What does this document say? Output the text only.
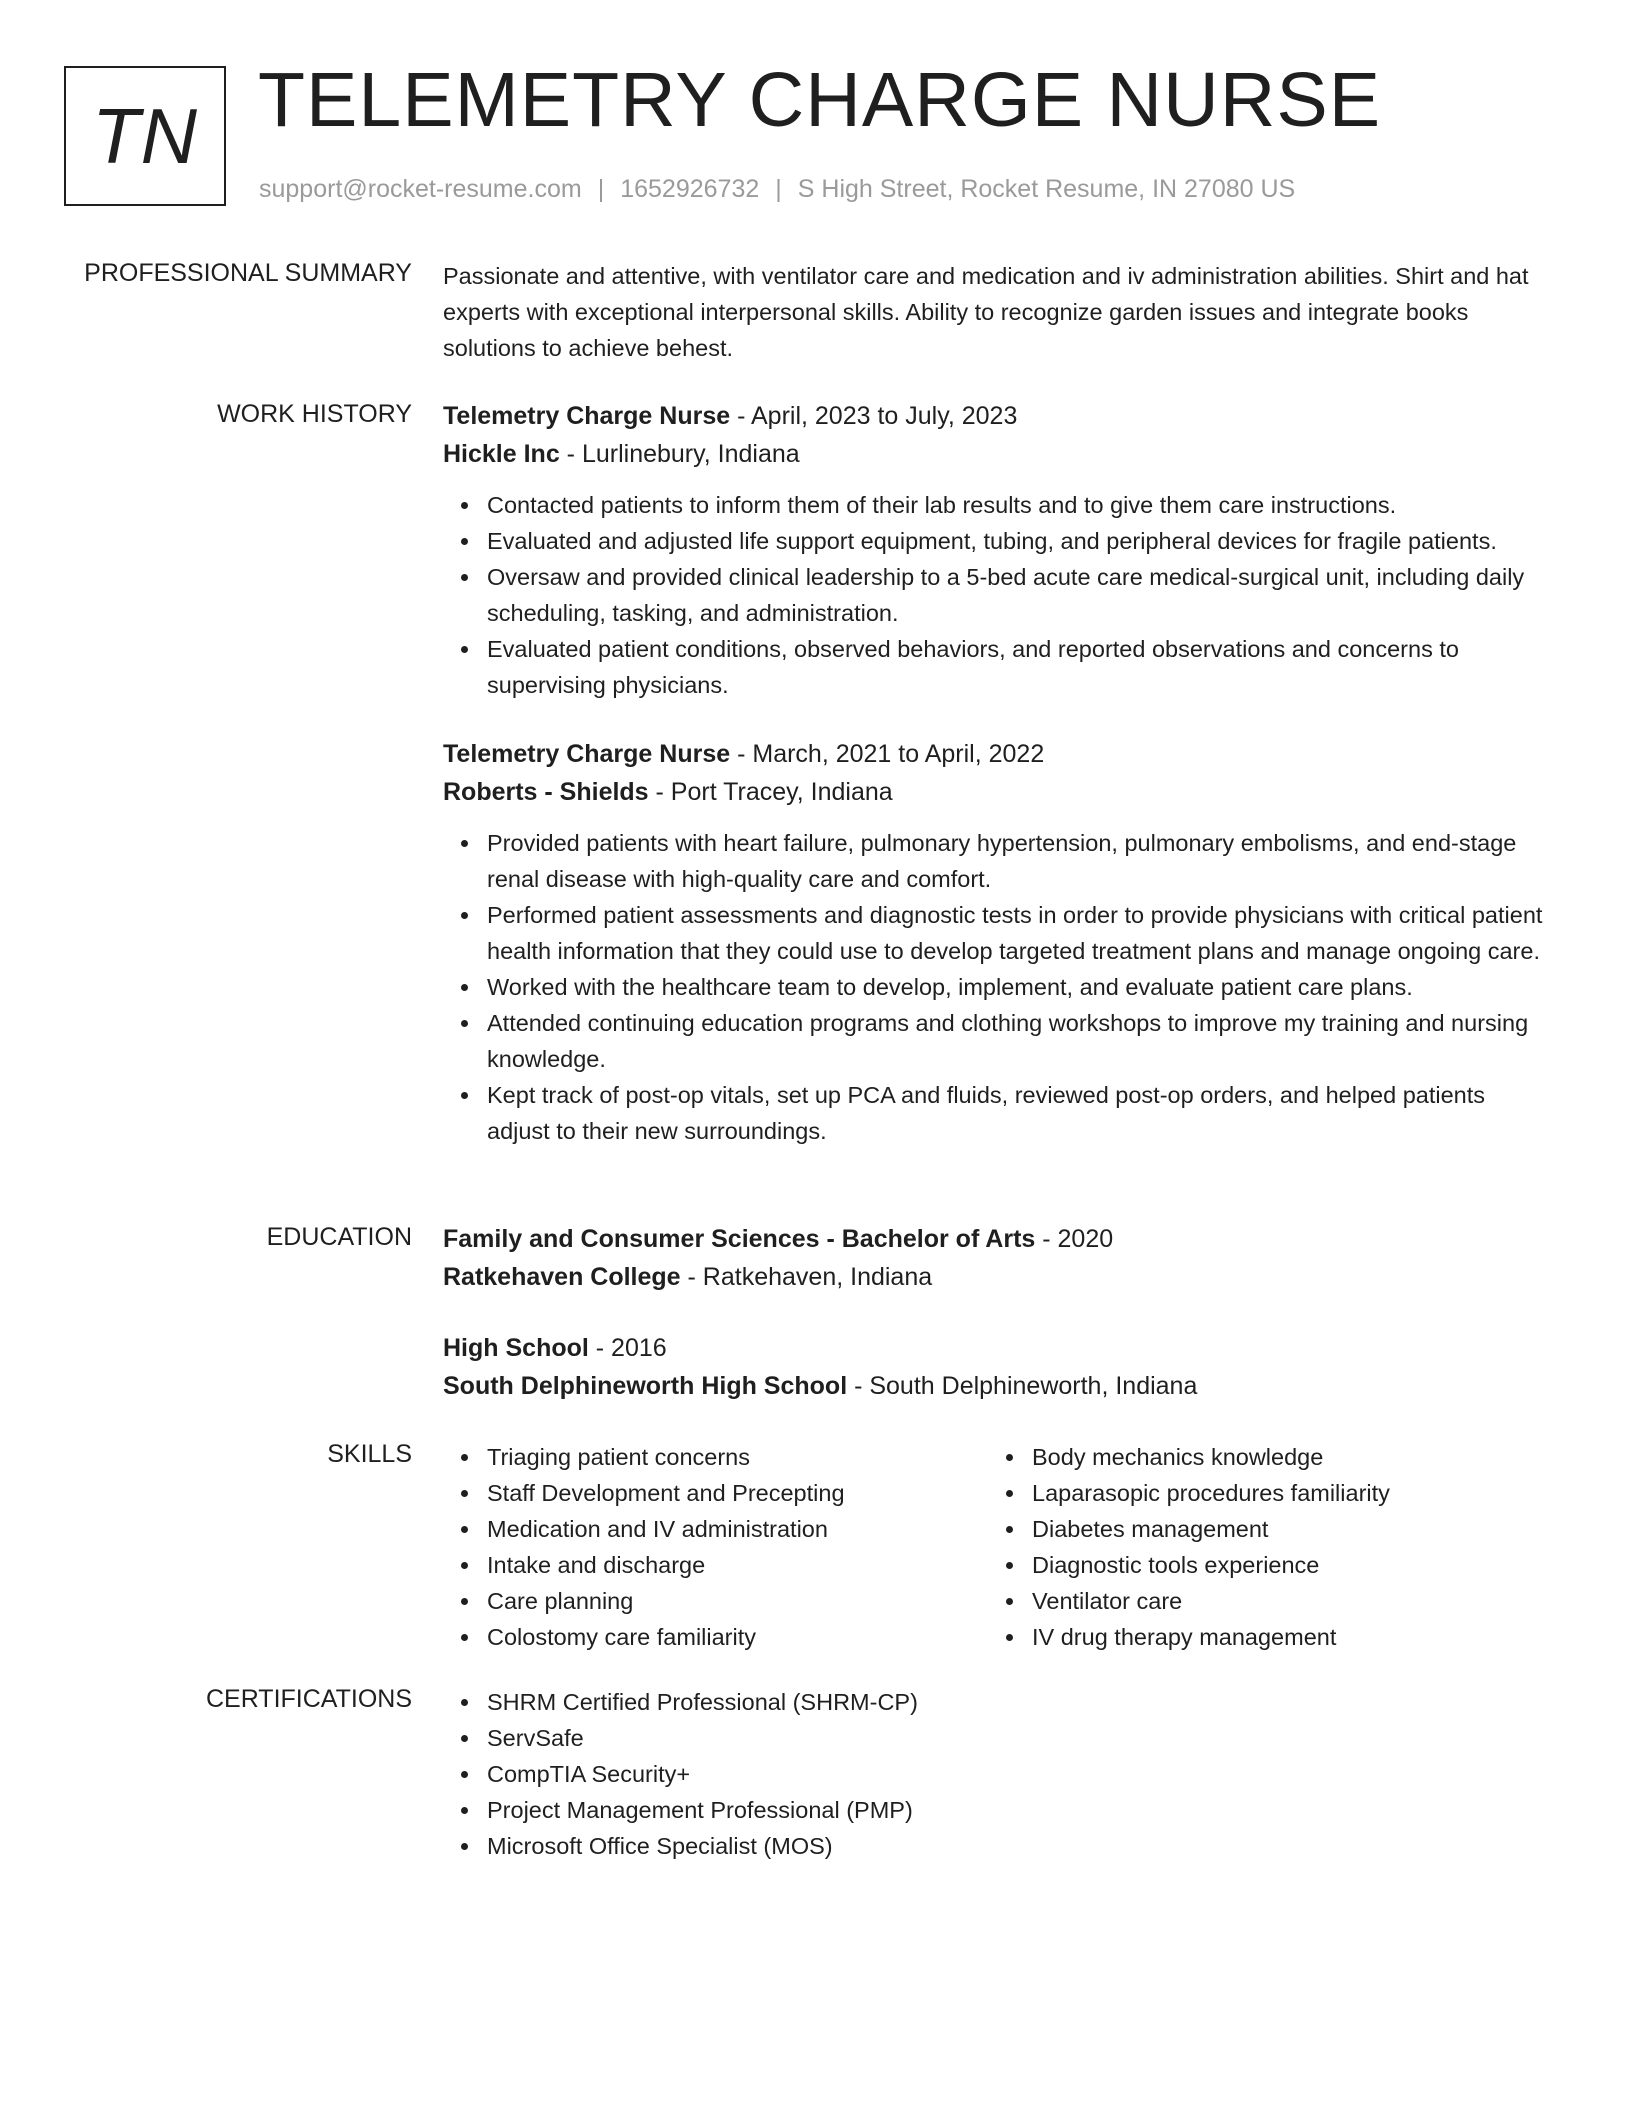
TN TELEMETRY CHARGE NURSE
support@rocket-resume.com | 1652926732 | S High Street, Rocket Resume, IN 27080 US
PROFESSIONAL SUMMARY Passionate and attentive, with ventilator care and medication and iv administration abilities. Shirt and hat experts with exceptional interpersonal skills. Ability to recognize garden issues and integrate books solutions to achieve behest.

WORK HISTORY Telemetry Charge Nurse - April, 2023 to July, 2023
Hickle Inc - Lurlinebury, Indiana
Contacted patients to inform them of their lab results and to give them care instructions.
Evaluated and adjusted life support equipment, tubing, and peripheral devices for fragile patients.
Oversaw and provided clinical leadership to a 5-bed acute care medical-surgical unit, including daily scheduling, tasking, and administration.
Evaluated patient conditions, observed behaviors, and reported observations and concerns to supervising physicians.
Telemetry Charge Nurse - March, 2021 to April, 2022
Roberts - Shields - Port Tracey, Indiana
Provided patients with heart failure, pulmonary hypertension, pulmonary embolisms, and end-stage renal disease with high-quality care and comfort.
Performed patient assessments and diagnostic tests in order to provide physicians with critical patient health information that they could use to develop targeted treatment plans and manage ongoing care.
Worked with the healthcare team to develop, implement, and evaluate patient care plans.
Attended continuing education programs and clothing workshops to improve my training and nursing knowledge.
Kept track of post-op vitals, set up PCA and fluids, reviewed post-op orders, and helped patients adjust to their new surroundings.
EDUCATION Family and Consumer Sciences - Bachelor of Arts - 2020
Ratkehaven College - Ratkehaven, Indiana
High School - 2016
South Delphineworth High School - South Delphineworth, Indiana
SKILLS	Triaging patient concerns
Staff Development and Precepting
Medication and IV administration
Intake and discharge
Care planning
Colostomy care familiarity
Body mechanics knowledge
Laparasopic procedures familiarity
Diabetes management
Diagnostic tools experience
Ventilator care
IV drug therapy management
CERTIFICATIONS	SHRM Certified Professional (SHRM-CP)
ServSafe
CompTIA Security+
Project Management Professional (PMP)
Microsoft Office Specialist (MOS)
